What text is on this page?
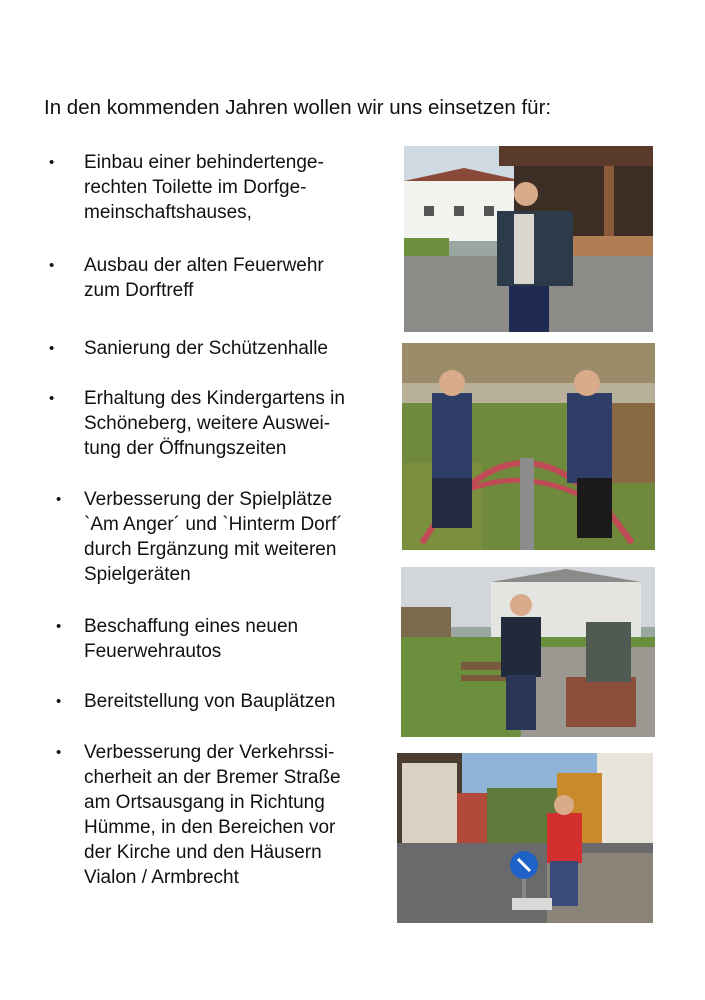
In den kommenden Jahren wollen wir uns einsetzen für:
• Einbau einer behindertenge-
rechten Toilette im Dorfge-
meinschaftshauses,
• Ausbau der alten Feuerwehr
zum Dorftreff
• Sanierung der Schützenhalle
• Erhaltung des Kindergartens in
Schöneberg, weitere Auswei-
tung der Öffnungszeiten
• Verbesserung der Spielplätze
`Am Anger´ und `Hinterm Dorf´
durch Ergänzung mit weiteren
Spielgeräten
• Beschaffung eines neuen
Feuerwehrautos
• Bereitstellung von Bauplätzen
• Verbesserung der Verkehrssi-
cherheit an der Bremer Straße
am Ortsausgang in Richtung
Hümme, in den Bereichen vor
der Kirche und den Häusern
Vialon / Armbrecht
